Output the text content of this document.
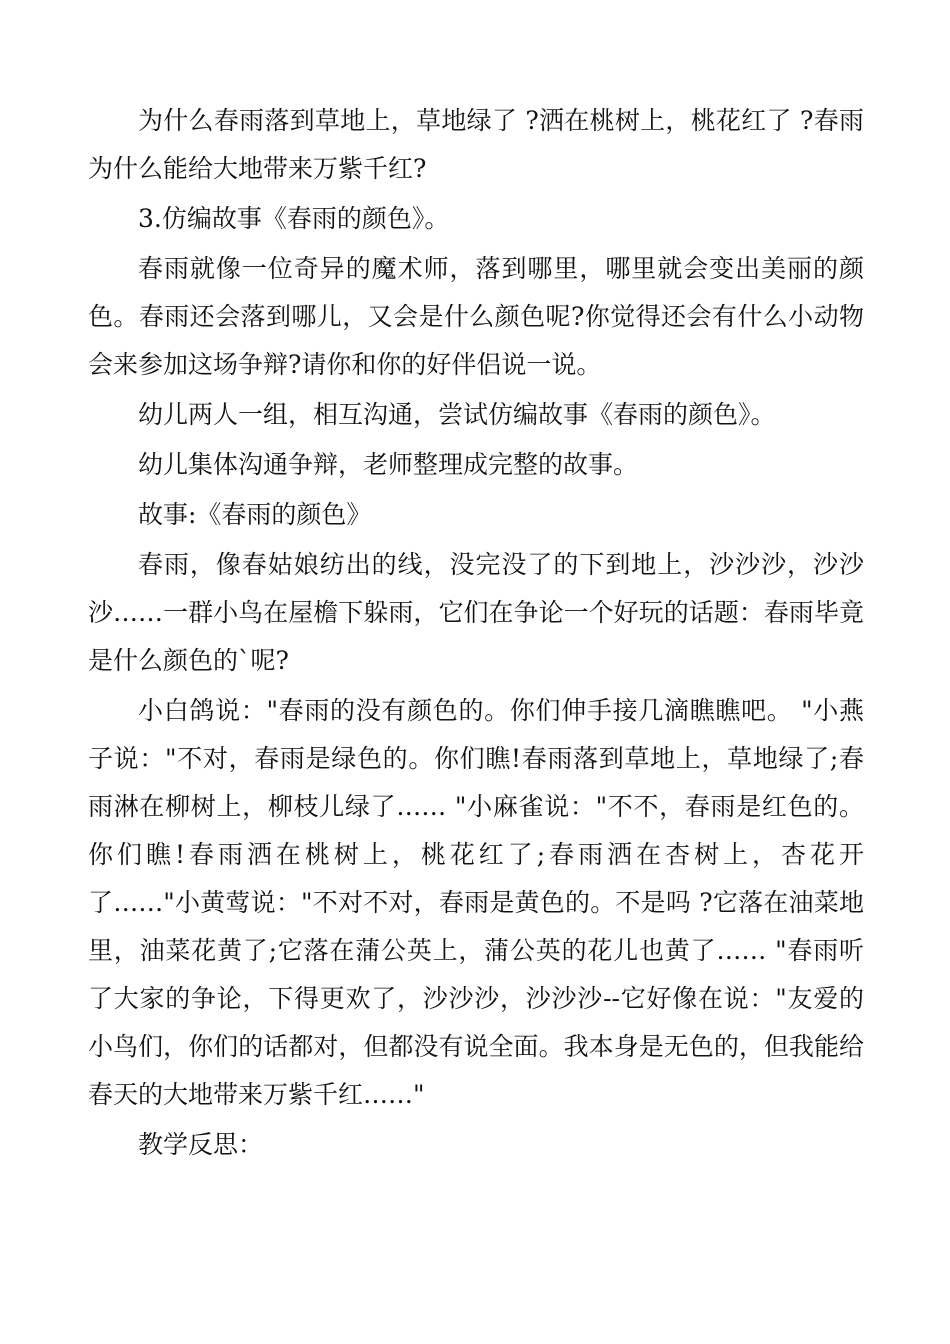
为什么春雨落到草地上，草地绿了 ?洒在桃树上，桃花红了 ?春雨为什么能给大地带来万紫千红?

3.仿编故事《春雨的颜色》。

春雨就像一位奇异的魔术师，落到哪里，哪里就会变出美丽的颜色。春雨还会落到哪儿，又会是什么颜色呢?你觉得还会有什么小动物会来参加这场争辩?请你和你的好伴侣说一说。

幼儿两人一组，相互沟通，尝试仿编故事《春雨的颜色》。

幼儿集体沟通争辩，老师整理成完整的故事。

故事:《春雨的颜色》

春雨，像春姑娘纺出的线，没完没了的下到地上，沙沙沙，沙沙沙……一群小鸟在屋檐下躲雨，它们在争论一个好玩的话题：春雨毕竟是什么颜色的`呢?

小白鸽说："春雨的没有颜色的。你们伸手接几滴瞧瞧吧。 "小燕子说："不对，春雨是绿色的。你们瞧!春雨落到草地上，草地绿了;春雨淋在柳树上，柳枝儿绿了…… "小麻雀说："不不，春雨是红色的。你们瞧!春雨洒在桃树上，桃花红了;春雨洒在杏树上，杏花开了……"小黄莺说："不对不对，春雨是黄色的。不是吗 ?它落在油菜地里，油菜花黄了;它落在蒲公英上，蒲公英的花儿也黄了…… "春雨听了大家的争论，下得更欢了，沙沙沙，沙沙沙--它好像在说："友爱的小鸟们，你们的话都对，但都没有说全面。我本身是无色的，但我能给春天的大地带来万紫千红……"

教学反思：
